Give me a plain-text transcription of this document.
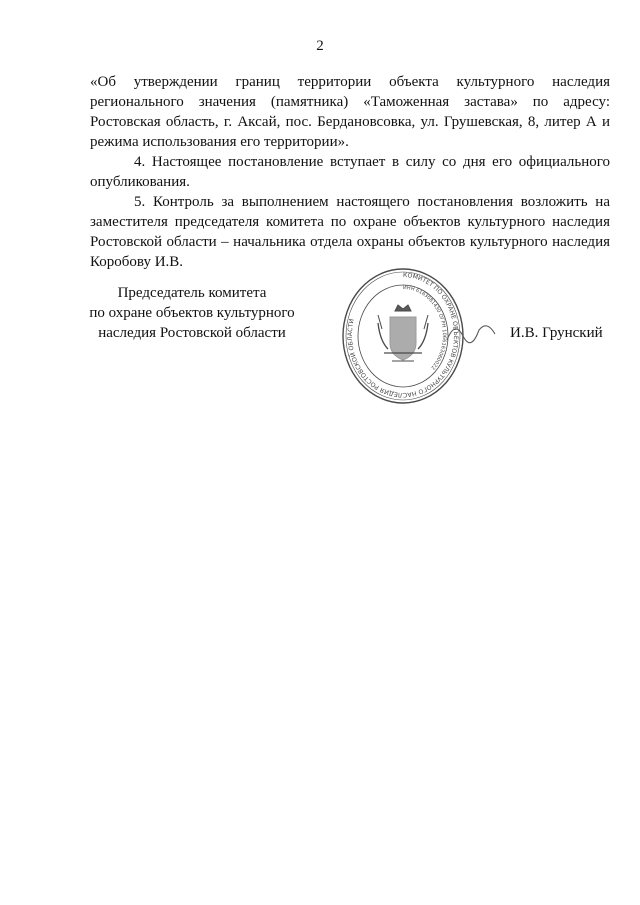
2

«Об утверждении границ территории объекта культурного наследия регионального значения (памятника) «Таможенная застава» по адресу: Ростовская область, г. Аксай, пос. Бердановсовка, ул. Грушевская, 8, литер А и режима использования его территории».

4. Настоящее постановление вступает в силу со дня его официального опубликования.

5. Контроль за выполнением настоящего постановления возложить на заместителя председателя комитета по охране объектов культурного наследия Ростовской области – начальника отдела охраны объектов культурного наследия Коробову И.В.

Председатель комитета
по охране объектов культурного
наследия Ростовской области
КОМИТЕТ ПО ОХРАНЕ ОБЪЕКТОВ КУЛЬТУРНОГО НАСЛЕДИЯ РОСТОВСКОЙ ОБЛАСТИ
ИНН 6163081430 ОГРН 1066163060022
И.В. Грунский
